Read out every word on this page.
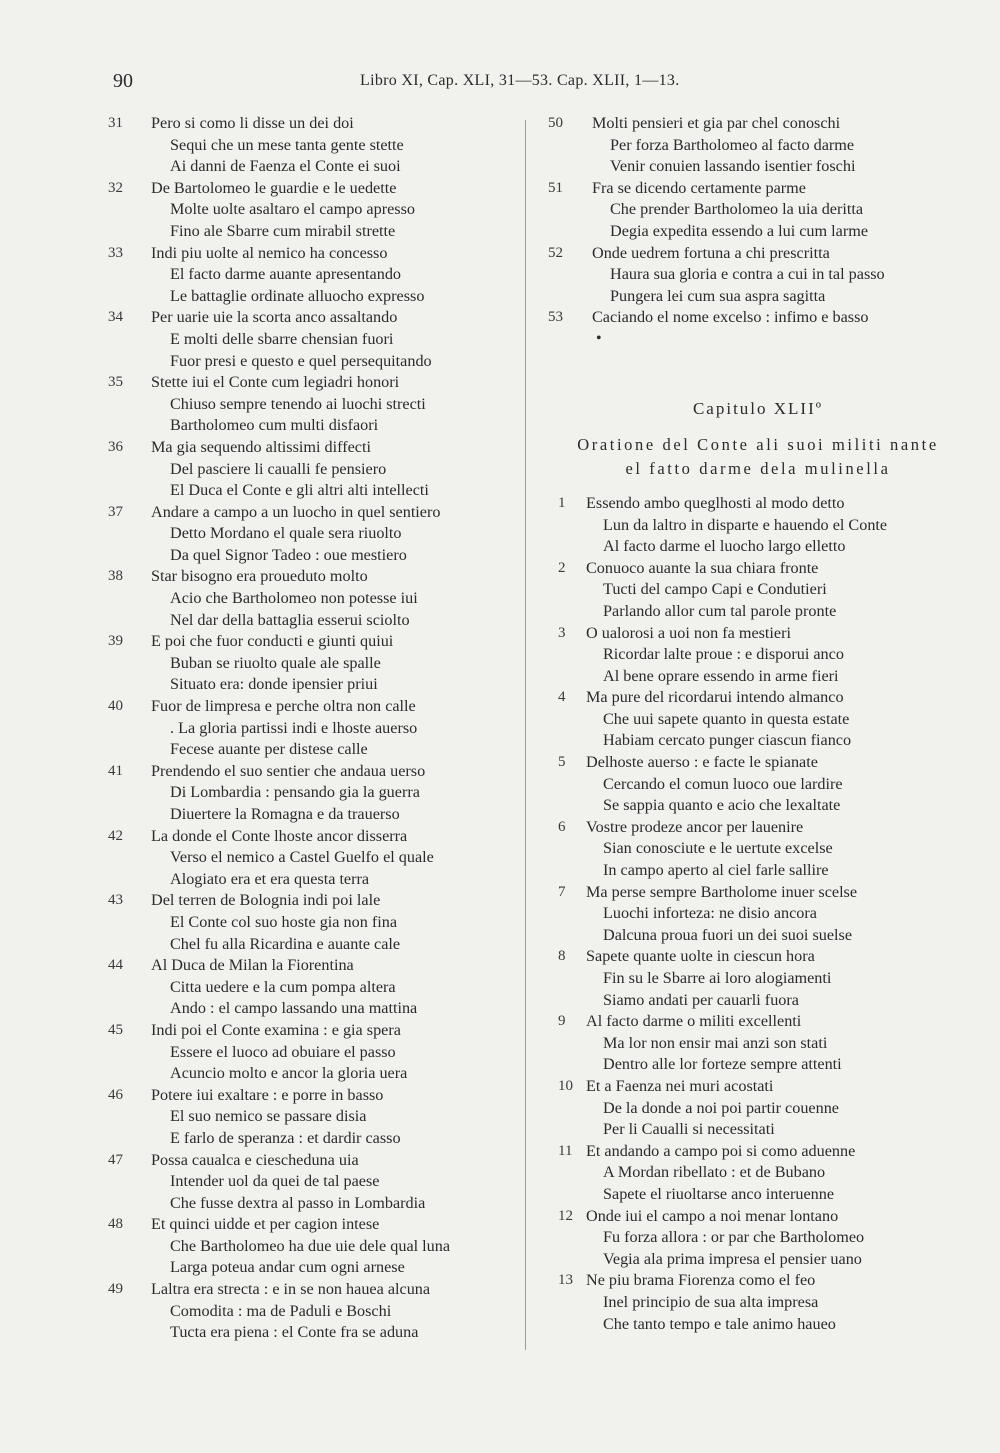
90	Libro XI, Cap. XLI, 31—53. Cap. XLII, 1—13.
31	Pero si como li disse un dei doi
Sequi che un mese tanta gente stette
Ai danni de Faenza el Conte ei suoi
32	De Bartolomeo le guardie e le uedette
Molte uolte asaltaro el campo apresso
Fino ale Sbarre cum mirabil strette
33	Indi piu uolte al nemico ha concesso
El facto darme auante apresentando
Le battaglie ordinate alluocho expresso
34	Per uarie uie la scorta anco assaltando
E molti delle sbarre chensian fuori
Fuor presi e questo e quel persequitando
35	Stette iui el Conte cum legiadri honori
Chiuso sempre tenendo ai luochi strecti
Bartholomeo cum multi disfaori
36	Ma gia sequendo altissimi diffecti
Del pasciere li caualli fe pensiero
El Duca el Conte e gli altri alti intellecti
37	Andare a campo a un luocho in quel sentiero
Detto Mordano el quale sera riuolto
Da quel Signor Tadeo : oue mestiero
38	Star bisogno era proueduto molto
Acio che Bartholomeo non potesse iui
Nel dar della battaglia esserui sciolto
39	E poi che fuor conducti e giunti quiui
Buban se riuolto quale ale spalle
Situato era: donde ipensier priui
40	Fuor de limpresa e perche oltra non calle
. La gloria partissi indi e lhoste auerso
Fecese auante per distese calle
41	Prendendo el suo sentier che andaua uerso
Di Lombardia : pensando gia la guerra
Diuertere la Romagna e da trauerso
42	La donde el Conte lhoste ancor disserra
Verso el nemico a Castel Guelfo el quale
Alogiato era et era questa terra
43	Del terren de Bolognia indi poi lale
El Conte col suo hoste gia non fina
Chel fu alla Ricardina e auante cale
44	Al Duca de Milan la Fiorentina
Citta uedere e la cum pompa altera
Ando : el campo lassando una mattina
45	Indi poi el Conte examina : e gia spera
Essere el luoco ad obuiare el passo
Acuncio molto e ancor la gloria uera
46	Potere iui exaltare : e porre in basso
El suo nemico se passare disia
E farlo de speranza : et dardir casso
47	Possa caualca e ciescheduna uia
Intender uol da quei de tal paese
Che fusse dextra al passo in Lombardia
48	Et quinci uidde et per cagion intese
Che Bartholomeo ha due uie dele qual luna
Larga poteua andar cum ogni arnese
49	Laltra era strecta : e in se non hauea alcuna
Comodita : ma de Paduli e Boschi
Tucta era piena : el Conte fra se aduna
50	Molti pensieri et gia par chel conoschi
Per forza Bartholomeo al facto darme
Venir conuien lassando isentier foschi
51	Fra se dicendo certamente parme
Che prender Bartholomeo la uia deritta
Degia expedita essendo a lui cum larme
52	Onde uedrem fortuna a chi prescritta
Haura sua gloria e contra a cui in tal passo
Pungera lei cum sua aspra sagitta
53	Caciando el nome excelso : infimo e basso
•
Capitulo XLIIº
Oratione del Conte ali suoi militi nante
el fatto darme dela mulinella
1	Essendo ambo queglhosti al modo detto
Lun da laltro in disparte e hauendo el Conte
Al facto darme el luocho largo elletto
2	Conuoco auante la sua chiara fronte
Tucti del campo Capi e Condutieri
Parlando allor cum tal parole pronte
3	O ualorosi a uoi non fa mestieri
Ricordar lalte proue : e disporui anco
Al bene oprare essendo in arme fieri
4	Ma pure del ricordarui intendo almanco
Che uui sapete quanto in questa estate
Habiam cercato punger ciascun fianco
5	Delhoste auerso : e facte le spianate
Cercando el comun luoco oue lardire
Se sappia quanto e acio che lexaltate
6	Vostre prodeze ancor per lauenire
Sian conosciute e le uertute excelse
In campo aperto al ciel farle sallire
7	Ma perse sempre Bartholome inuer scelse
Luochi inforteza: ne disio ancora
Dalcuna proua fuori un dei suoi suelse
8	Sapete quante uolte in ciescun hora
Fin su le Sbarre ai loro alogiamenti
Siamo andati per cauarli fuora
9	Al facto darme o militi excellenti
Ma lor non ensir mai anzi son stati
Dentro alle lor forteze sempre attenti
10 Et a Faenza nei muri acostati
De la donde a noi poi partir couenne
Per li Caualli si necessitati
11 Et andando a campo poi si como aduenne
A Mordan ribellato : et de Bubano
Sapete el riuoltarse anco interuenne
12 Onde iui el campo a noi menar lontano
Fu forza allora : or par che Bartholomeo
Vegia ala prima impresa el pensier uano
13 Ne piu brama Fiorenza como el feo
Inel principio de sua alta impresa
Che tanto tempo e tale animo haueo
